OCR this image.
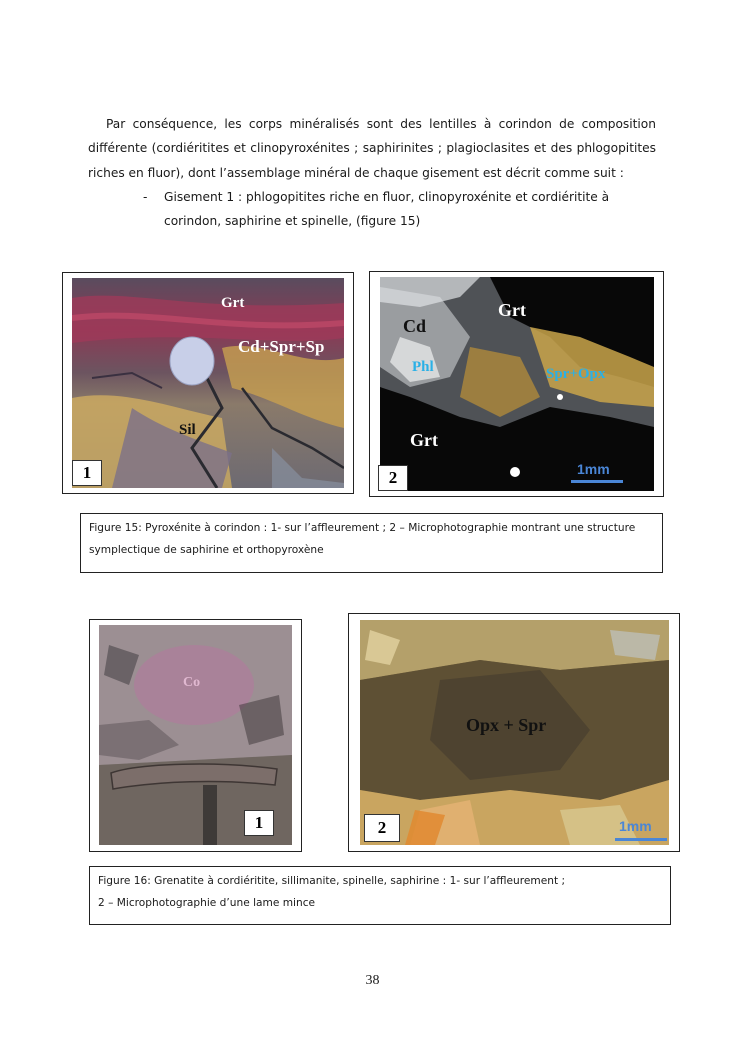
Par conséquence, les corps minéralisés sont des lentilles à corindon de composition différente (cordiéritites et clinopyroxénites ; saphirinites ; plagioclasites et des phlogopitites riches en fluor), dont l’assemblage minéral de chaque gisement est décrit comme suit :

- Gisement 1 : phlogopitites riche en fluor, clinopyroxénite et cordiéritite à corindon, saphirine et spinelle, (figure 15)
Grt
Cd+Spr+Sp
Sil
1
Cd
Grt
Phl	Spr+Opx
Grt
1mm
2

Figure 15: Pyroxénite à corindon : 1- sur l’affleurement ; 2 – Microphotographie montrant une structure

symplectique de saphirine et orthopyroxène

Co
1
Opx + Spr
1mm
2

Figure 16: Grenatite à cordiéritite, sillimanite, spinelle, saphirine : 1- sur l’affleurement ;

2 – Microphotographie d’une lame mince

38
